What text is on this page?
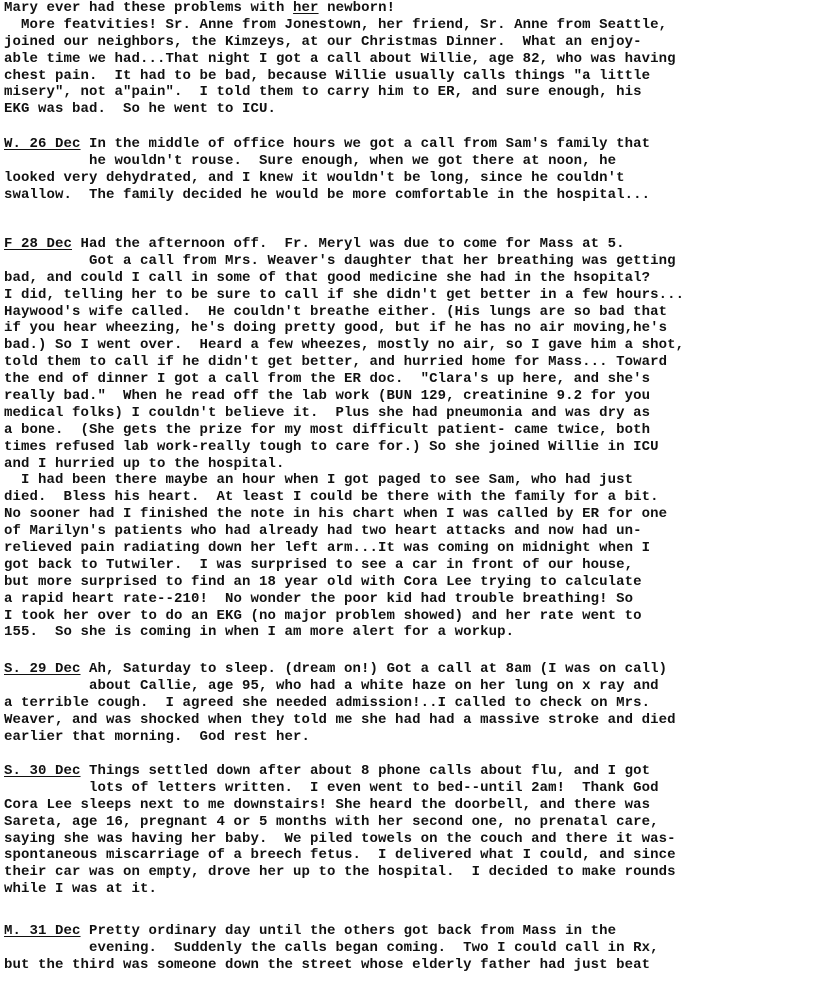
Mary ever had these problems with her newborn!
More featvities! Sr. Anne from Jonestown, her friend, Sr. Anne from Seattle,
joined our neighbors, the Kimzeys, at our Christmas Dinner.  What an enjoy-
able time we had...That night I got a call about Willie, age 82, who was having
chest pain.  It had to be bad, because Willie usually calls things "a little
misery", not a"pain".  I told them to carry him to ER, and sure enough, his
EKG was bad.  So he went to ICU.
W. 26 Dec In the middle of office hours we got a call from Sam's family that
he wouldn't rouse.  Sure enough, when we got there at noon, he
looked very dehydrated, and I knew it wouldn't be long, since he couldn't
swallow.  The family decided he would be more comfortable in the hospital...
F 28 Dec Had the afternoon off.  Fr. Meryl was due to come for Mass at 5.
Got a call from Mrs. Weaver's daughter that her breathing was getting
bad, and could I call in some of that good medicine she had in the hsopital?
I did, telling her to be sure to call if she didn't get better in a few hours...
Haywood's wife called.  He couldn't breathe either. (His lungs are so bad that
if you hear wheezing, he's doing pretty good, but if he has no air moving,he's
bad.) So I went over.  Heard a few wheezes, mostly no air, so I gave him a shot,
told them to call if he didn't get better, and hurried home for Mass... Toward
the end of dinner I got a call from the ER doc.  "Clara's up here, and she's
really bad."  When he read off the lab work (BUN 129, creatinine 9.2 for you
medical folks) I couldn't believe it.  Plus she had pneumonia and was dry as
a bone.  (She gets the prize for my most difficult patient- came twice, both
times refused lab work-really tough to care for.) So she joined Willie in ICU
and I hurried up to the hospital.
I had been there maybe an hour when I got paged to see Sam, who had just
died.  Bless his heart.  At least I could be there with the family for a bit.
No sooner had I finished the note in his chart when I was called by ER for one
of Marilyn's patients who had already had two heart attacks and now had un-
relieved pain radiating down her left arm...It was coming on midnight when I
got back to Tutwiler.  I was surprised to see a car in front of our house,
but more surprised to find an 18 year old with Cora Lee trying to calculate
a rapid heart rate--210!  No wonder the poor kid had trouble breathing! So
I took her over to do an EKG (no major problem showed) and her rate went to
155.  So she is coming in when I am more alert for a workup.
S. 29 Dec Ah, Saturday to sleep. (dream on!) Got a call at 8am (I was on call)
about Callie, age 95, who had a white haze on her lung on x ray and
a terrible cough.  I agreed she needed admission!..I called to check on Mrs.
Weaver, and was shocked when they told me she had had a massive stroke and died
earlier that morning.  God rest her.
S. 30 Dec Things settled down after about 8 phone calls about flu, and I got
lots of letters written.  I even went to bed--until 2am!  Thank God
Cora Lee sleeps next to me downstairs! She heard the doorbell, and there was
Sareta, age 16, pregnant 4 or 5 months with her second one, no prenatal care,
saying she was having her baby.  We piled towels on the couch and there it was-
spontaneous miscarriage of a breech fetus.  I delivered what I could, and since
their car was on empty, drove her up to the hospital.  I decided to make rounds
while I was at it.
M. 31 Dec Pretty ordinary day until the others got back from Mass in the
evening.  Suddenly the calls began coming.  Two I could call in Rx,
but the third was someone down the street whose elderly father had just beat
